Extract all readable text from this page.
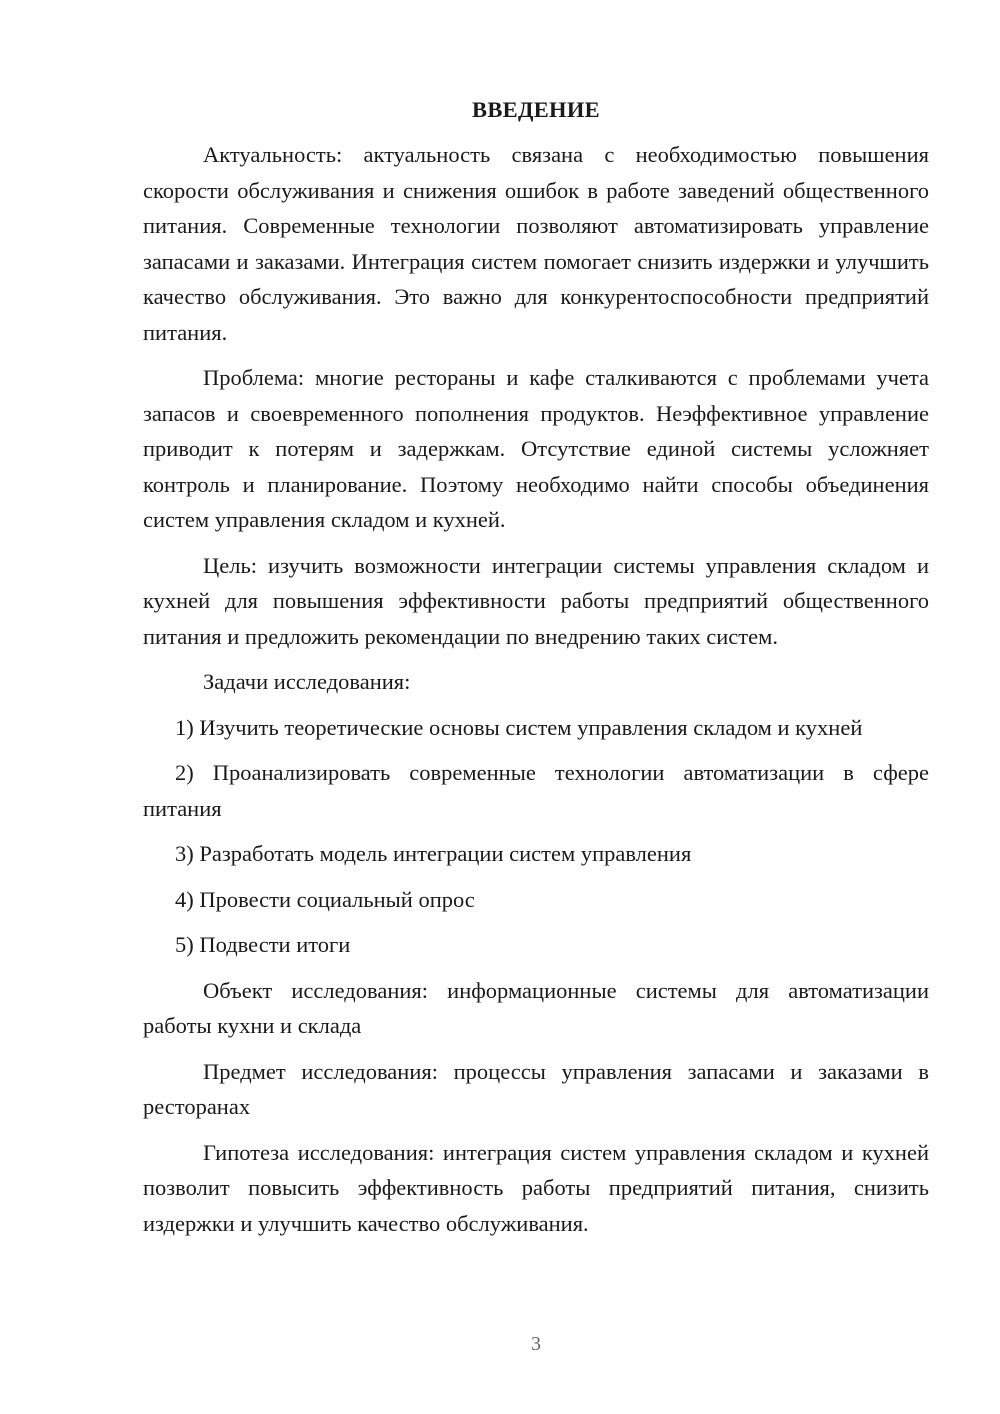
ВВЕДЕНИЕ

Актуальность: актуальность связана с необходимостью повышения скорости обслуживания и снижения ошибок в работе заведений общественного питания. Современные технологии позволяют автоматизировать управление запасами и заказами. Интеграция систем помогает снизить издержки и улучшить качество обслуживания. Это важно для конкурентоспособности предприятий питания.

Проблема: многие рестораны и кафе сталкиваются с проблемами учета запасов и своевременного пополнения продуктов. Неэффективное управление приводит к потерям и задержкам. Отсутствие единой системы усложняет контроль и планирование. Поэтому необходимо найти способы объединения систем управления складом и кухней.

Цель: изучить возможности интеграции системы управления складом и кухней для повышения эффективности работы предприятий общественного питания и предложить рекомендации по внедрению таких систем.

Задачи исследования:

1) Изучить теоретические основы систем управления складом и кухней

2) Проанализировать современные технологии автоматизации в сфере питания

3) Разработать модель интеграции систем управления

4) Провести социальный опрос

5) Подвести итоги

Объект исследования: информационные системы для автоматизации работы кухни и склада

Предмет исследования: процессы управления запасами и заказами в ресторанах

Гипотеза исследования: интеграция систем управления складом и кухней позволит повысить эффективность работы предприятий питания, снизить издержки и улучшить качество обслуживания.

3
